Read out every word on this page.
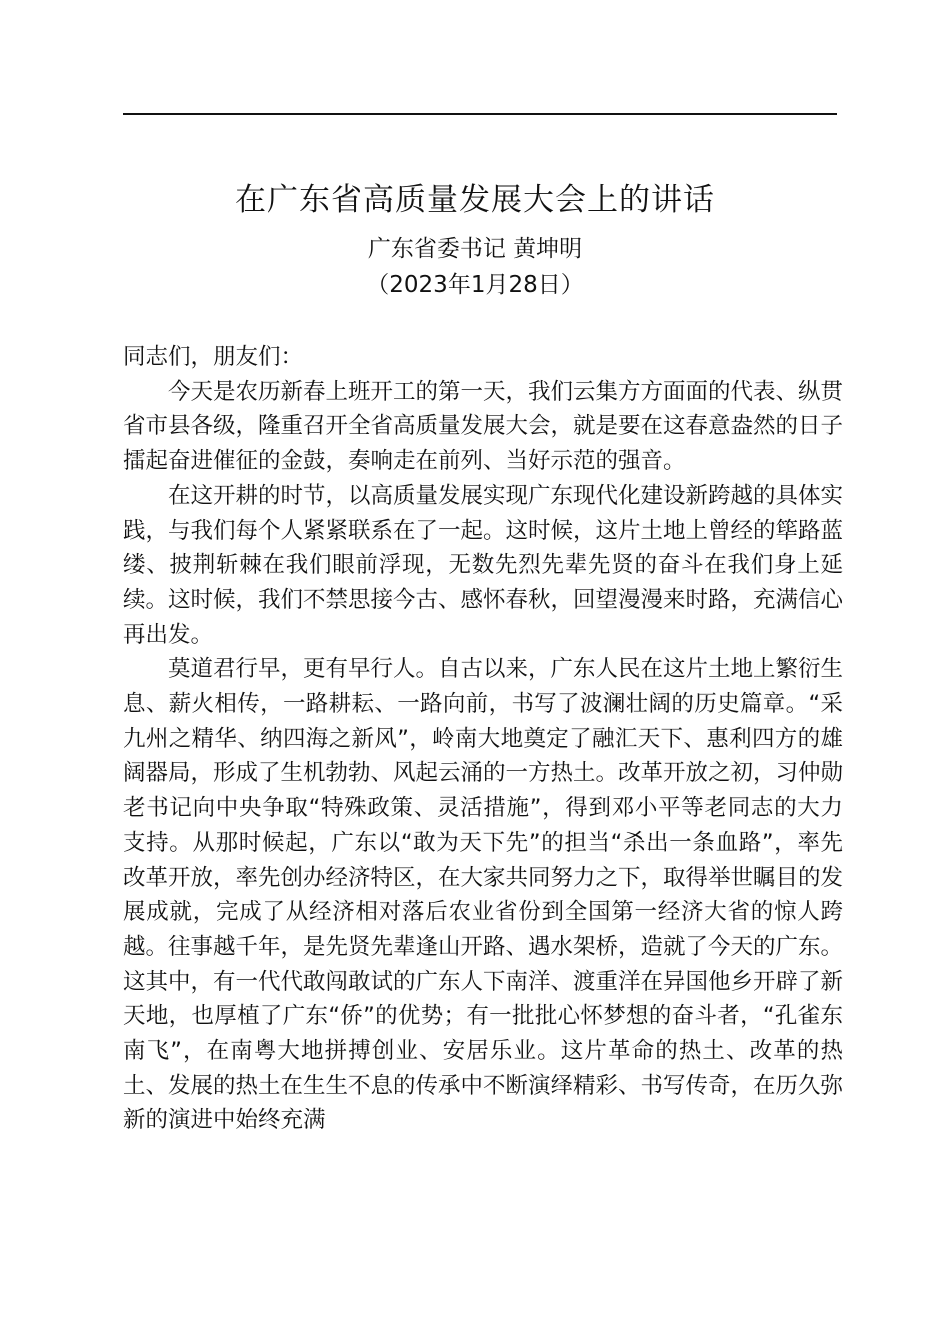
在广东省高质量发展大会上的讲话
广东省委书记 黄坤明
（2023年1月28日）

同志们，朋友们：

今天是农历新春上班开工的第一天，我们云集方方面面的代表、纵贯省市县各级，隆重召开全省高质量发展大会，就是要在这春意盎然的日子擂起奋进催征的金鼓，奏响走在前列、当好示范的强音。

在这开耕的时节，以高质量发展实现广东现代化建设新跨越的具体实践，与我们每个人紧紧联系在了一起。这时候，这片土地上曾经的筚路蓝缕、披荆斩棘在我们眼前浮现，无数先烈先辈先贤的奋斗在我们身上延续。这时候，我们不禁思接今古、感怀春秋，回望漫漫来时路，充满信心再出发。

莫道君行早，更有早行人。自古以来，广东人民在这片土地上繁衍生息、薪火相传，一路耕耘、一路向前，书写了波澜壮阔的历史篇章。“采九州之精华、纳四海之新风”，岭南大地奠定了融汇天下、惠利四方的雄阔器局，形成了生机勃勃、风起云涌的一方热土。改革开放之初，习仲勋老书记向中央争取“特殊政策、灵活措施”，得到邓小平等老同志的大力支持。从那时候起，广东以“敢为天下先”的担当“杀出一条血路”，率先改革开放，率先创办经济特区，在大家共同努力之下，取得举世瞩目的发展成就，完成了从经济相对落后农业省份到全国第一经济大省的惊人跨越。往事越千年，是先贤先辈逢山开路、遇水架桥，造就了今天的广东。这其中，有一代代敢闯敢试的广东人下南洋、渡重洋在异国他乡开辟了新天地，也厚植了广东“侨”的优势；有一批批心怀梦想的奋斗者，“孔雀东南飞”，在南粤大地拼搏创业、安居乐业。这片革命的热土、改革的热土、发展的热土在生生不息的传承中不断演绎精彩、书写传奇，在历久弥新的演进中始终充满
